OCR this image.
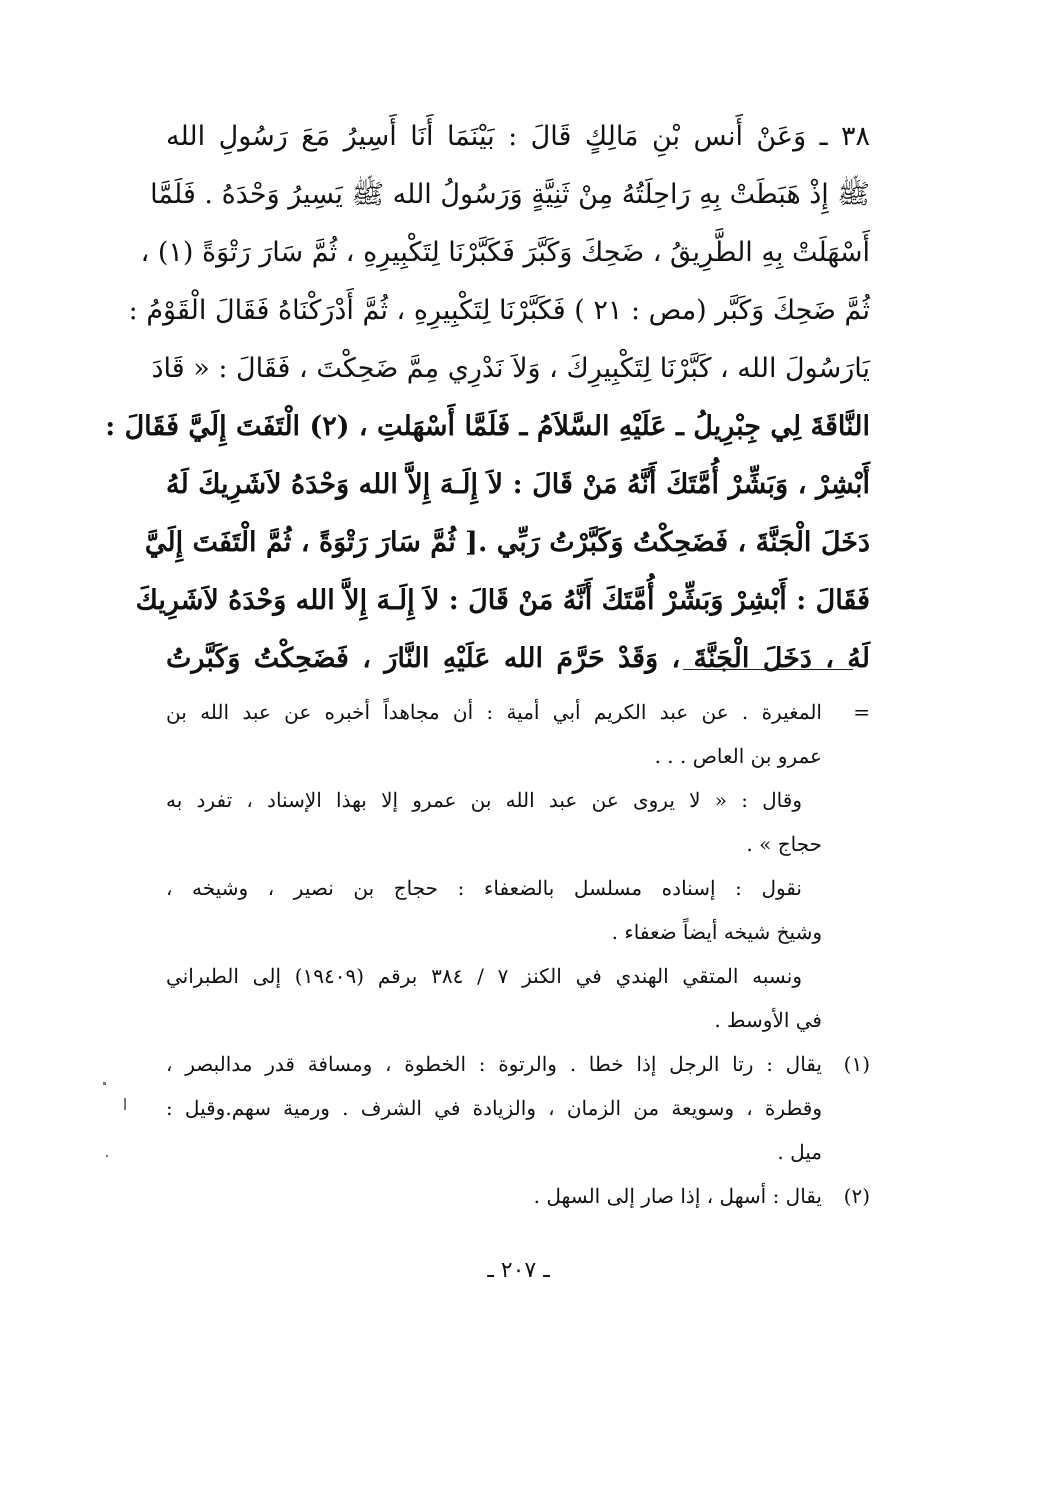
٣٨ ـ وَعَنْ أَنس بْنِ مَالِكٍ قَالَ : بَيْنَمَا أَنَا أَسِيرُ مَعَ رَسُولِ الله
ﷺ إِذْ هَبَطَتْ بِهِ رَاحِلَتُهُ مِنْ ثَنِيَّةٍ وَرَسُولُ الله ﷺ يَسِيرُ وَحْدَهُ . فَلَمَّا
أَسْهَلَتْ بِهِ الطَّرِيقُ ، ضَحِكَ وَكَبَّرَ فَكَبَّرْنَا لِتَكْبِيرِهِ ، ثُمَّ سَارَ رَتْوَةً (١) ،
ثُمَّ ضَحِكَ وَكَبَّر (مص : ٢١ ) فَكَبَّرْنَا لِتَكْبِيرِهِ ، ثُمَّ أَدْرَكْنَاهُ فَقَالَ الْقَوْمُ :
يَارَسُولَ الله ، كَبَّرْنَا لِتَكْبِيرِكَ ، وَلاَ نَدْرِي مِمَّ ضَحِكْتَ ، فَقَالَ : « قَادَ
النَّاقَةَ لِي جِبْرِيلُ ـ عَلَيْهِ السَّلاَمُ ـ فَلَمَّا أَسْهَلتِ ، (٢) الْتَفَتَ إِلَيَّ فَقَالَ :
أَبْشِرْ ، وَبَشِّرْ أُمَّتَكَ أَنَّهُ مَنْ قَالَ : لاَ إِلَـهَ إِلاَّ الله وَحْدَهُ لاَشَرِيكَ لَهُ
دَخَلَ الْجَنَّةَ ، فَضَحِكْتُ وَكَبَّرْتُ رَبِّي .[ ثُمَّ سَارَ رَتْوَةً ، ثُمَّ الْتَفَتَ إِلَيَّ
فَقَالَ : أَبْشِرْ وَبَشِّرْ أُمَّتَكَ أَنَّهُ مَنْ قَالَ : لاَ إِلَـهَ إِلاَّ الله وَحْدَهُ لاَشَرِيكَ
لَهُ ، دَخَلَ الْجَنَّةَ ، وَقَدْ حَرَّمَ الله عَلَيْهِ النَّارَ ، فَضَحِكْتُ وَكَبَّرتُ
=
المغيرة . عن عبد الكريم أبي أمية : أن مجاهداً أخبره عن عبد الله بن
عمرو بن العاص . . .
وقال : « لا يروى عن عبد الله بن عمرو إلا بهذا الإسناد ، تفرد به
حجاج » .
نقول : إسناده مسلسل بالضعفاء : حجاج بن نصير ، وشيخه ،
وشيخ شيخه أيضاً ضعفاء .
ونسبه المتقي الهندي في الكنز ٧ / ٣٨٤ برقم (١٩٤٠٩) إلى الطبراني
في الأوسط .
(١)
يقال : رتا الرجل إذا خطا . والرتوة : الخطوة ، ومسافة قدر مدالبصر ،
وقطرة ، وسويعة من الزمان ، والزيادة في الشرف . ورمية سهم.وقيل :
ميل .
(٢)
يقال : أسهل ، إذا صار إلى السهل .
ـ ٢٠٧ ـ
